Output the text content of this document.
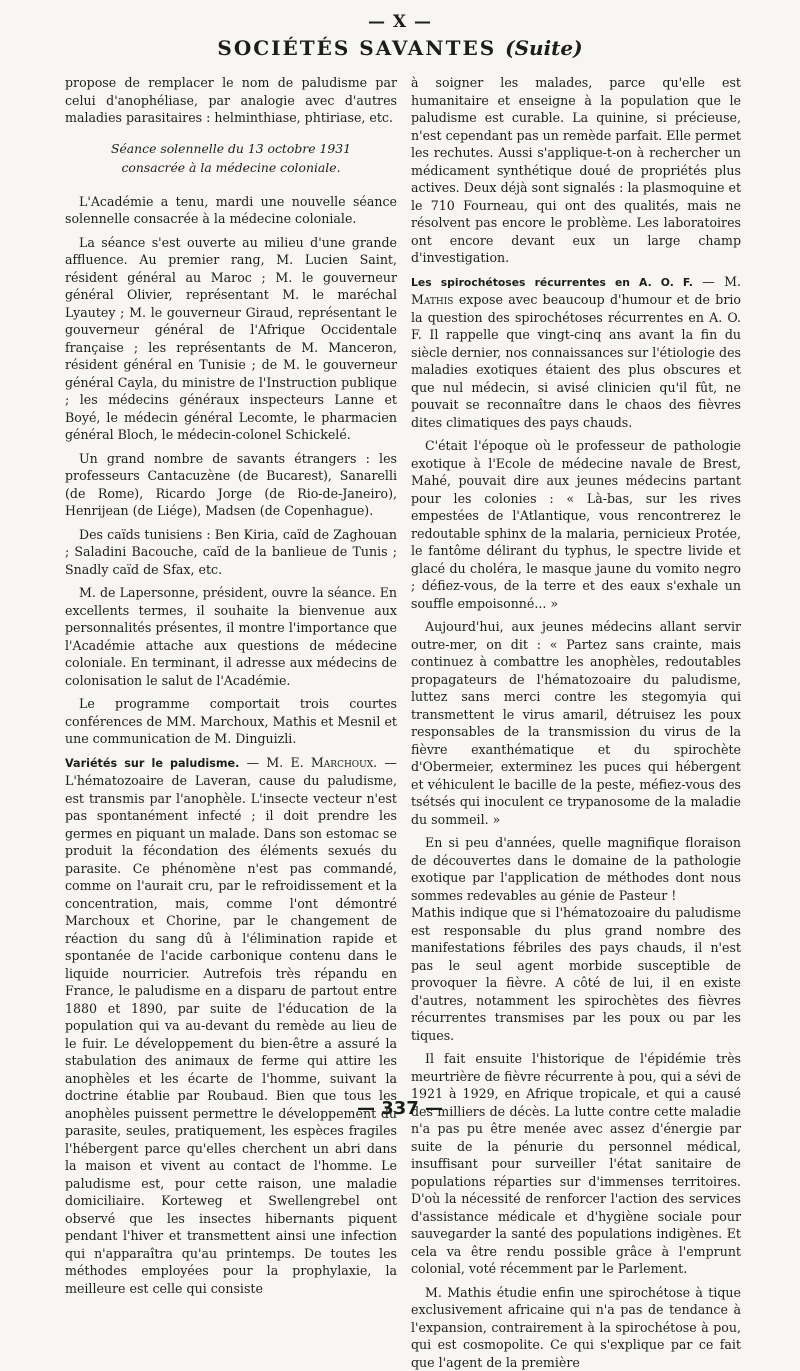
— X —
SOCIÉTÉS SAVANTES (Suite)

propose de remplacer le nom de paludisme par celui d'anophéliase, par analogie avec d'autres maladies parasitaires : helminthiase, phtiriase, etc.

Séance solennelle du 13 octobre 1931
consacrée à la médecine coloniale.

L'Académie a tenu, mardi une nouvelle séance solennelle consacrée à la médecine coloniale.

La séance s'est ouverte au milieu d'une grande affluence. Au premier rang, M. Lucien Saint, résident général au Maroc ; M. le gouverneur général Olivier, représentant M. le maréchal Lyautey ; M. le gouverneur Giraud, représentant le gouverneur général de l'Afrique Occidentale française ; les représentants de M. Manceron, résident général en Tunisie ; de M. le gouverneur général Cayla, du ministre de l'Instruction publique ; les médecins généraux inspecteurs Lanne et Boyé, le médecin général Lecomte, le pharmacien général Bloch, le médecin-colonel Schickelé.

Un grand nombre de savants étrangers : les professeurs Cantacuzène (de Bucarest), Sanarelli (de Rome), Ricardo Jorge (de Rio-de-Janeiro), Henrijean (de Liége), Madsen (de Copenhague).

Des caïds tunisiens : Ben Kiria, caïd de Zaghouan ; Saladini Bacouche, caïd de la banlieue de Tunis ; Snadly caïd de Sfax, etc.

M. de Lapersonne, président, ouvre la séance. En excellents termes, il souhaite la bienvenue aux personnalités présentes, il montre l'importance que l'Académie attache aux questions de médecine coloniale. En terminant, il adresse aux médecins de colonisation le salut de l'Académie.

Le programme comportait trois courtes conférences de MM. Marchoux, Mathis et Mesnil et une communication de M. Dinguizli.

Variétés sur le paludisme. — M. E. Marchoux. — L'hématozoaire de Laveran, cause du paludisme, est transmis par l'anophèle. L'insecte vecteur n'est pas spontanément infecté ; il doit prendre les germes en piquant un malade. Dans son estomac se produit la fécondation des éléments sexués du parasite. Ce phénomène n'est pas commandé, comme on l'aurait cru, par le refroidissement et la concentration, mais, comme l'ont démontré Marchoux et Chorine, par le changement de réaction du sang dû à l'élimination rapide et spontanée de l'acide carbonique contenu dans le liquide nourricier. Autrefois très répandu en France, le paludisme en a disparu de partout entre 1880 et 1890, par suite de l'éducation de la population qui va au-devant du remède au lieu de le fuir. Le développement du bien-être a assuré la stabulation des animaux de ferme qui attire les anophèles et les écarte de l'homme, suivant la doctrine établie par Roubaud. Bien que tous les anophèles puissent permettre le développement du parasite, seules, pratiquement, les espèces fragiles l'hébergent parce qu'elles cherchent un abri dans la maison et vivent au contact de l'homme. Le paludisme est, pour cette raison, une maladie domiciliaire. Korteweg et Swellengrebel ont observé que les insectes hibernants piquent pendant l'hiver et transmettent ainsi une infection qui n'apparaîtra qu'au printemps. De toutes les méthodes employées pour la prophylaxie, la meilleure est celle qui consiste

à soigner les malades, parce qu'elle est humanitaire et enseigne à la population que le paludisme est curable. La quinine, si précieuse, n'est cependant pas un remède parfait. Elle permet les rechutes. Aussi s'applique-t-on à rechercher un médicament synthétique doué de propriétés plus actives. Deux déjà sont signalés : la plasmoquine et le 710 Fourneau, qui ont des qualités, mais ne résolvent pas encore le problème. Les laboratoires ont encore devant eux un large champ d'investigation.

Les spirochétoses récurrentes en A. O. F. — M. Mathis expose avec beaucoup d'humour et de brio la question des spirochétoses récurrentes en A. O. F. Il rappelle que vingt-cinq ans avant la fin du siècle dernier, nos connaissances sur l'étiologie des maladies exotiques étaient des plus obscures et que nul médecin, si avisé clinicien qu'il fût, ne pouvait se reconnaître dans le chaos des fièvres dites climatiques des pays chauds.

C'était l'époque où le professeur de pathologie exotique à l'Ecole de médecine navale de Brest, Mahé, pouvait dire aux jeunes médecins partant pour les colonies : « Là-bas, sur les rives empestées de l'Atlantique, vous rencontrerez le redoutable sphinx de la malaria, pernicieux Protée, le fantôme délirant du typhus, le spectre livide et glacé du choléra, le masque jaune du vomito negro ; défiez-vous, de la terre et des eaux s'exhale un souffle empoisonné... »

Aujourd'hui, aux jeunes médecins allant servir outre-mer, on dit : « Partez sans crainte, mais continuez à combattre les anophèles, redoutables propagateurs de l'hématozoaire du paludisme, luttez sans merci contre les stegomyia qui transmettent le virus amaril, détruisez les poux responsables de la transmission du virus de la fièvre exanthématique et du spirochète d'Obermeier, exterminez les puces qui hébergent et véhiculent le bacille de la peste, méfiez-vous des tsétsés qui inoculent ce trypanosome de la maladie du sommeil. »

En si peu d'années, quelle magnifique floraison de découvertes dans le domaine de la pathologie exotique par l'application de méthodes dont nous sommes redevables au génie de Pasteur !

Mathis indique que si l'hématozoaire du paludisme est responsable du plus grand nombre des manifestations fébriles des pays chauds, il n'est pas le seul agent morbide susceptible de provoquer la fièvre. A côté de lui, il en existe d'autres, notamment les spirochètes des fièvres récurrentes transmises par les poux ou par les tiques.

Il fait ensuite l'historique de l'épidémie très meurtrière de fièvre récurrente à pou, qui a sévi de 1921 à 1929, en Afrique tropicale, et qui a causé des milliers de décès. La lutte contre cette maladie n'a pas pu être menée avec assez d'énergie par suite de la pénurie du personnel médical, insuffisant pour surveiller l'état sanitaire de populations réparties sur d'immenses territoires. D'où la nécessité de renforcer l'action des services d'assistance médicale et d'hygiène sociale pour sauvegarder la santé des populations indigènes. Et cela va être rendu possible grâce à l'emprunt colonial, voté récemment par le Parlement.

M. Mathis étudie enfin une spirochétose à tique exclusivement africaine qui n'a pas de tendance à l'expansion, contrairement à la spirochétose à pou, qui est cosmopolite. Ce qui s'explique par ce fait que l'agent de la première

— 337 —
